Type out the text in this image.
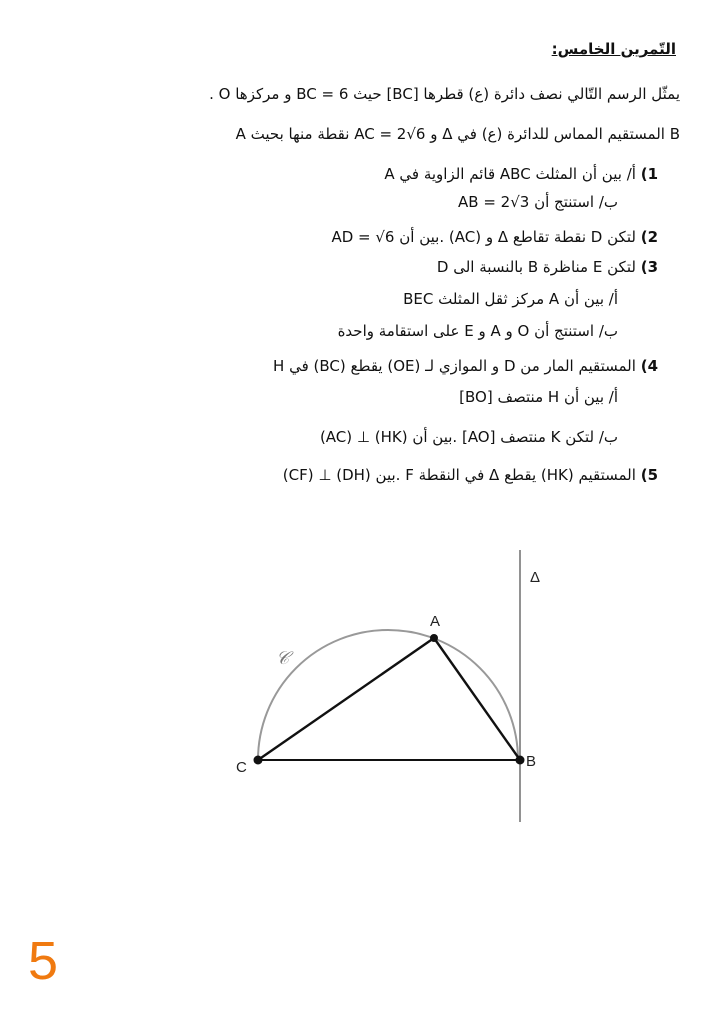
التّمرين الخامس:
يمثّل الرسم التّالي نصف دائرة (ع) قطرها [BC] حيث BC = 6 و مركزها O .
A نقطة منها بحيث AC = 2√6 و Δ المستقيم المماس للدائرة (ع) في B
1) أ/ بين أن المثلث ABC قائم الزاوية في A
ب/ استنتج أن AB = 2√3
2) لتكن D نقطة تقاطع Δ و (AC) .بين أن AD = √6
3) لتكن E مناظرة B بالنسبة الى D
أ/ بين أن A مركز ثقل المثلث BEC
ب/ استنتج أن O و A و E على استقامة واحدة
4) المستقيم المار من D و الموازي لـ (OE) يقطع (BC) في H
أ/ بين أن H منتصف [BO]
ب/ لتكن K منتصف [AO] .بين أن (HK) ⊥ (AC)
5) المستقيم (HK) يقطع Δ في النقطة F .بين (DH) ⊥ (CF)
Δ
A
B
C
𝒞
5
